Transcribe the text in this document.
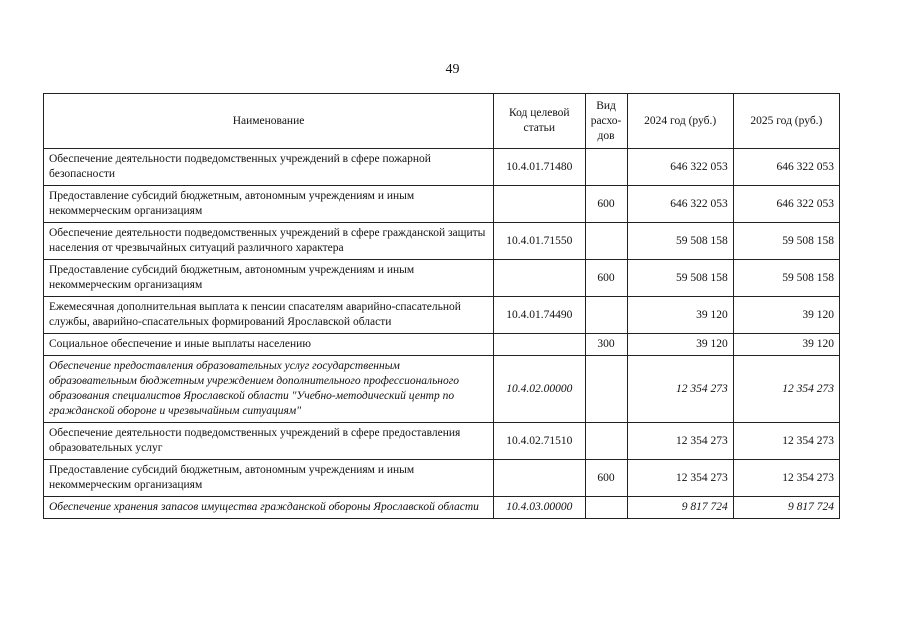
49
Наименование	Код целевой статьи	Вид расхо-дов	2024 год (руб.)	2025 год (руб.)
Обеспечение деятельности подведомственных учреждений в сфере пожарной безопасности	10.4.01.71480		646 322 053	646 322 053
Предоставление субсидий бюджетным, автономным учреждениям и иным некоммерческим организациям		600	646 322 053	646 322 053
Обеспечение деятельности подведомственных учреждений в сфере гражданской защиты населения от чрезвычайных ситуаций различного характера	10.4.01.71550		59 508 158	59 508 158
Предоставление субсидий бюджетным, автономным учреждениям и иным некоммерческим организациям		600	59 508 158	59 508 158
Ежемесячная дополнительная выплата к пенсии спасателям аварийно-спасательной службы, аварийно-спасательных формирований Ярославской области	10.4.01.74490		39 120	39 120
Социальное обеспечение и иные выплаты населению		300	39 120	39 120
Обеспечение предоставления образовательных услуг государственным образовательным бюджетным учреждением дополнительного профессионального образования специалистов Ярославской области "Учебно-методический центр по гражданской обороне и чрезвычайным ситуациям"	10.4.02.00000		12 354 273	12 354 273
Обеспечение деятельности подведомственных учреждений в сфере предоставления образовательных услуг	10.4.02.71510		12 354 273	12 354 273
Предоставление субсидий бюджетным, автономным учреждениям и иным некоммерческим организациям		600	12 354 273	12 354 273
Обеспечение хранения запасов имущества гражданской обороны Ярославской области	10.4.03.00000		9 817 724	9 817 724
